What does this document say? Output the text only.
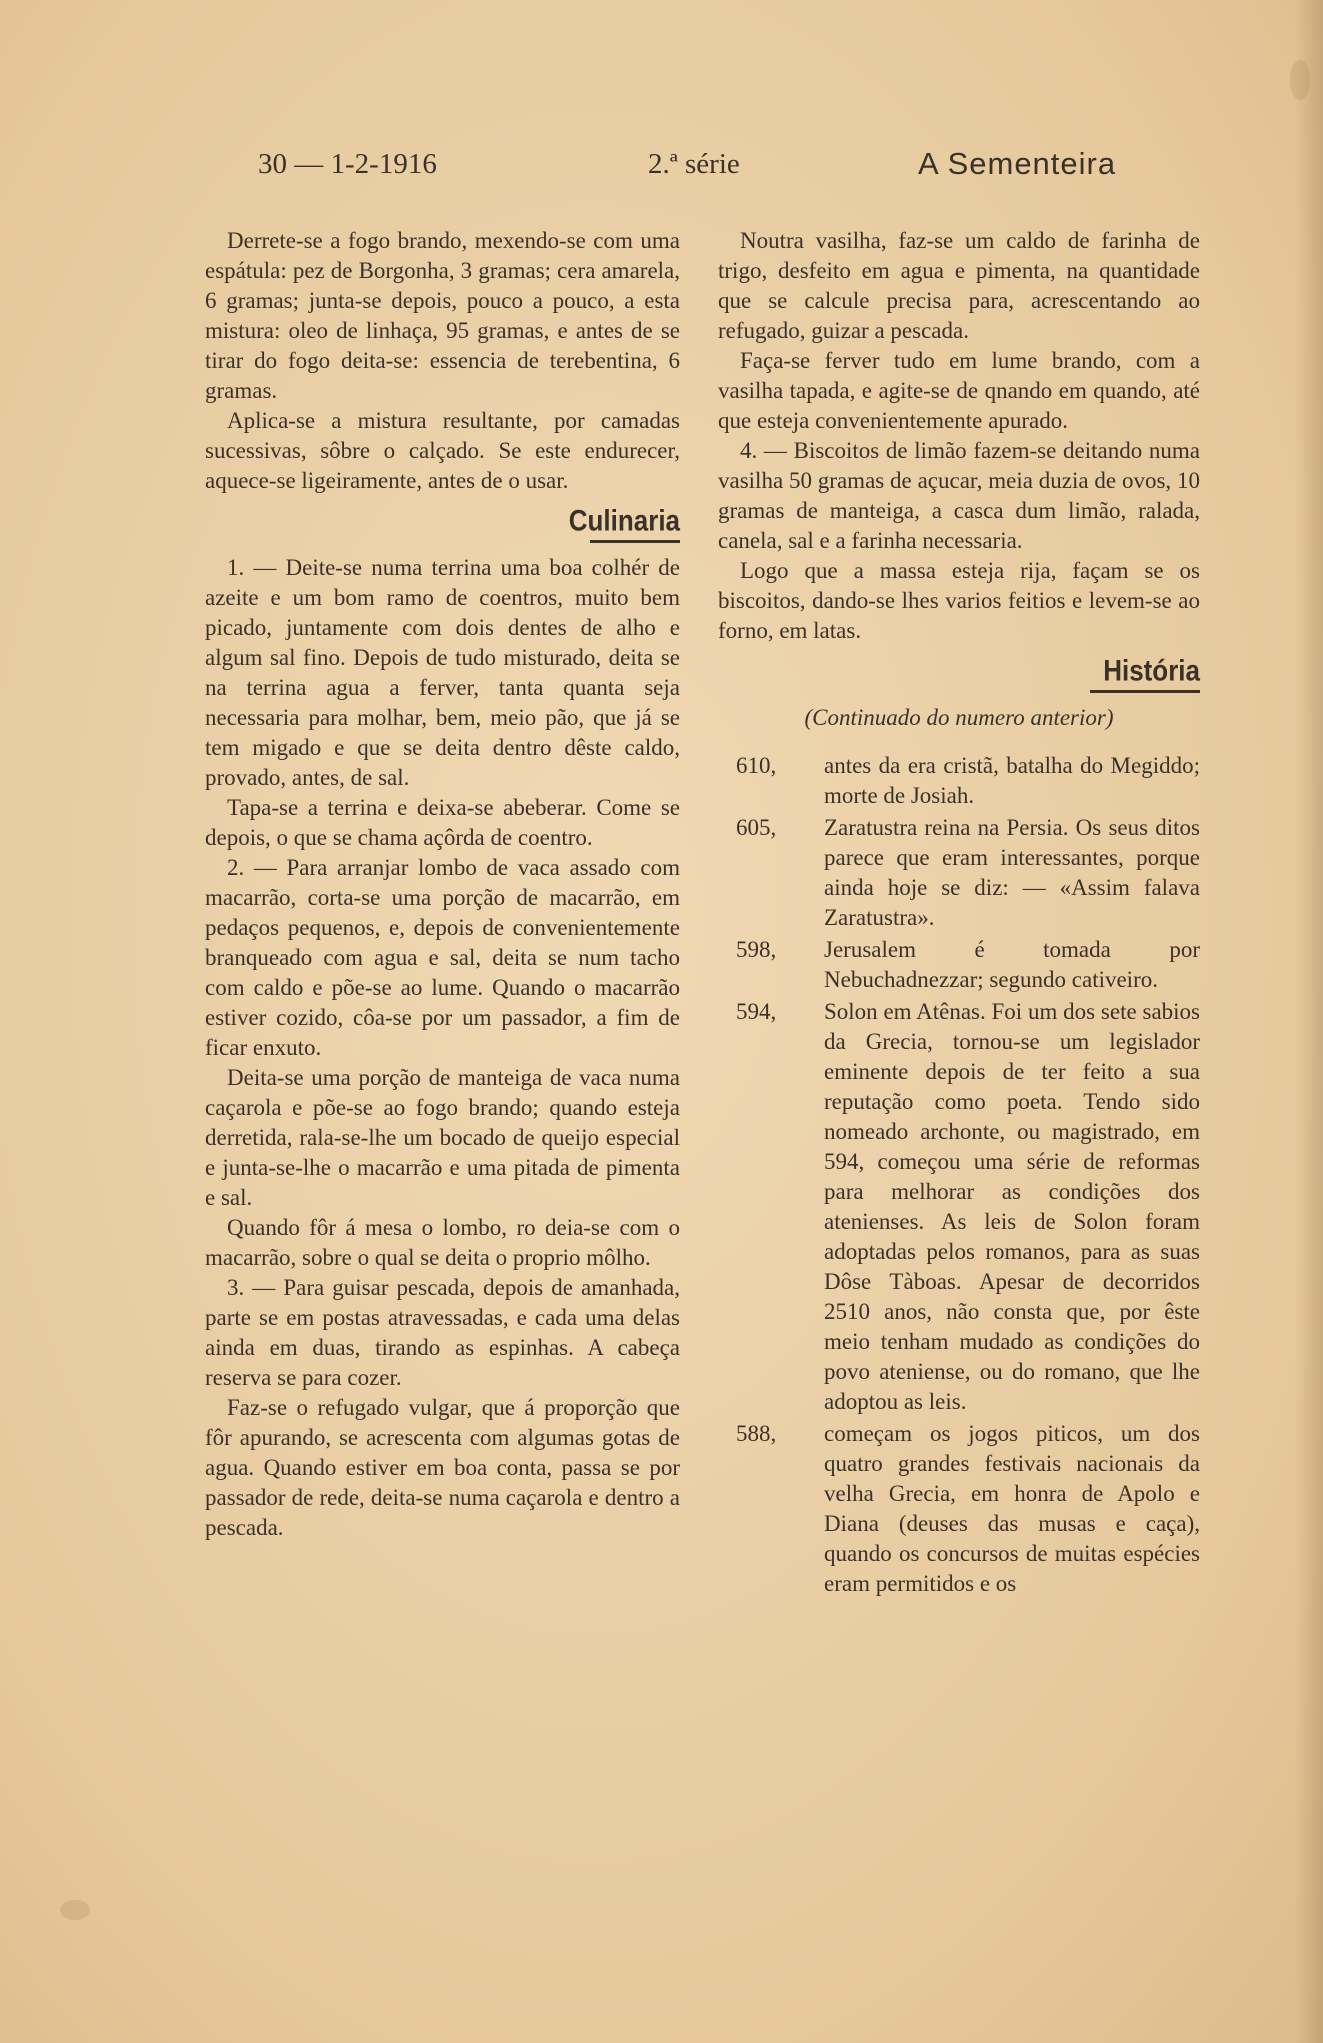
30 — 1-2-1916	2.ª série	A Sementeira

Derrete-se a fogo brando, mexendo-se com uma espátula: pez de Borgonha, 3 gramas; cera amarela, 6 gramas; junta-se depois, pouco a pouco, a esta mistura: oleo de linhaça, 95 gramas, e antes de se tirar do fogo deita-se: essencia de terebentina, 6 gramas.

Aplica-se a mistura resultante, por camadas sucessivas, sôbre o calçado. Se este endurecer, aquece-se ligeiramente, antes de o usar.

Culinaria

1. — Deite-se numa terrina uma boa colhér de azeite e um bom ramo de coentros, muito bem picado, juntamente com dois dentes de alho e algum sal fino. Depois de tudo misturado, deita se na terrina agua a ferver, tanta quanta seja necessaria para molhar, bem, meio pão, que já se tem migado e que se deita dentro dêste caldo, provado, antes, de sal.

Tapa-se a terrina e deixa-se abeberar. Come se depois, o que se chama açôrda de coentro.

2. — Para arranjar lombo de vaca assado com macarrão, corta-se uma porção de macarrão, em pedaços pequenos, e, depois de convenientemente branqueado com agua e sal, deita se num tacho com caldo e põe-se ao lume. Quando o macarrão estiver cozido, côa-se por um passador, a fim de ficar enxuto.

Deita-se uma porção de manteiga de vaca numa caçarola e põe-se ao fogo brando; quando esteja derretida, rala-se-lhe um bocado de queijo especial e junta-se-lhe o macarrão e uma pitada de pimenta e sal.

Quando fôr á mesa o lombo, ro deia-se com o macarrão, sobre o qual se deita o proprio môlho.

3. — Para guisar pescada, depois de amanhada, parte se em postas atravessadas, e cada uma delas ainda em duas, tirando as espinhas. A cabeça reserva se para cozer.

Faz-se o refugado vulgar, que á proporção que fôr apurando, se acrescenta com algumas gotas de agua. Quando estiver em boa conta, passa se por passador de rede, deita-se numa caçarola e dentro a pescada.

Noutra vasilha, faz-se um caldo de farinha de trigo, desfeito em agua e pimenta, na quantidade que se calcule precisa para, acrescentando ao refugado, guizar a pescada.

Faça-se ferver tudo em lume brando, com a vasilha tapada, e agite-se de qnando em quando, até que esteja convenientemente apurado.

4. — Biscoitos de limão fazem-se deitando numa vasilha 50 gramas de açucar, meia duzia de ovos, 10 gramas de manteiga, a casca dum limão, ralada, canela, sal e a farinha necessaria.

Logo que a massa esteja rija, façam se os biscoitos, dando-se lhes varios feitios e levem-se ao forno, em latas.

História
(Continuado do numero anterior)
610, antes da era cristã, batalha do Megiddo; morte de Josiah.
605, Zaratustra reina na Persia. Os seus ditos parece que eram interessantes, porque ainda hoje se diz: — «Assim falava Zaratustra».
598, Jerusalem é tomada por Nebuchadnezzar; segundo cativeiro.
594, Solon em Atênas. Foi um dos sete sabios da Grecia, tornou-se um legislador eminente depois de ter feito a sua reputação como poeta. Tendo sido nomeado archonte, ou magistrado, em 594, começou uma série de reformas para melhorar as condições dos atenienses. As leis de Solon foram adoptadas pelos romanos, para as suas Dôse Tàboas. Apesar de decorridos 2510 anos, não consta que, por êste meio tenham mudado as condições do povo ateniense, ou do romano, que lhe adoptou as leis.
588, começam os jogos piticos, um dos quatro grandes festivais nacionais da velha Grecia, em honra de Apolo e Diana (deuses das musas e caça), quando os concursos de muitas espécies eram permitidos e os
